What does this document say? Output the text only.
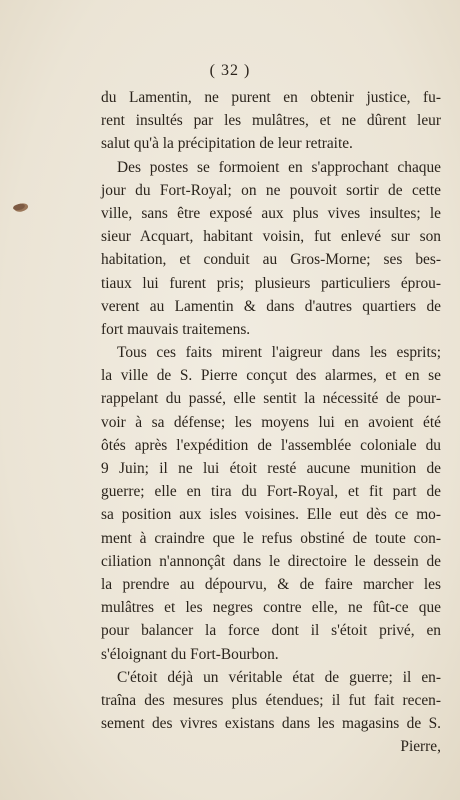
( 32 )
du Lamentin, ne purent en obtenir justice, fu-
rent insultés par les mulâtres, et ne dûrent leur
salut qu'à la précipitation de leur retraite.
Des postes se formoient en s'approchant chaque
jour du Fort-Royal; on ne pouvoit sortir de cette
ville, sans être exposé aux plus vives insultes; le
sieur Acquart, habitant voisin, fut enlevé sur son
habitation, et conduit au Gros-Morne; ses bes-
tiaux lui furent pris; plusieurs particuliers éprou-
verent au Lamentin & dans d'autres quartiers de
fort mauvais traitemens.
Tous ces faits mirent l'aigreur dans les esprits;
la ville de S. Pierre conçut des alarmes, et en se
rappelant du passé, elle sentit la nécessité de pour-
voir à sa défense; les moyens lui en avoient été
ôtés après l'expédition de l'assemblée coloniale du
9 Juin; il ne lui étoit resté aucune munition de
guerre; elle en tira du Fort-Royal, et fit part de
sa position aux isles voisines. Elle eut dès ce mo-
ment à craindre que le refus obstiné de toute con-
ciliation n'annonçât dans le directoire le dessein de
la prendre au dépourvu, & de faire marcher les
mulâtres et les negres contre elle, ne fût-ce que
pour balancer la force dont il s'étoit privé, en
s'éloignant du Fort-Bourbon.
C'étoit déjà un véritable état de guerre; il en-
traîna des mesures plus étendues; il fut fait recen-
sement des vivres existans dans les magasins de S.
Pierre,
